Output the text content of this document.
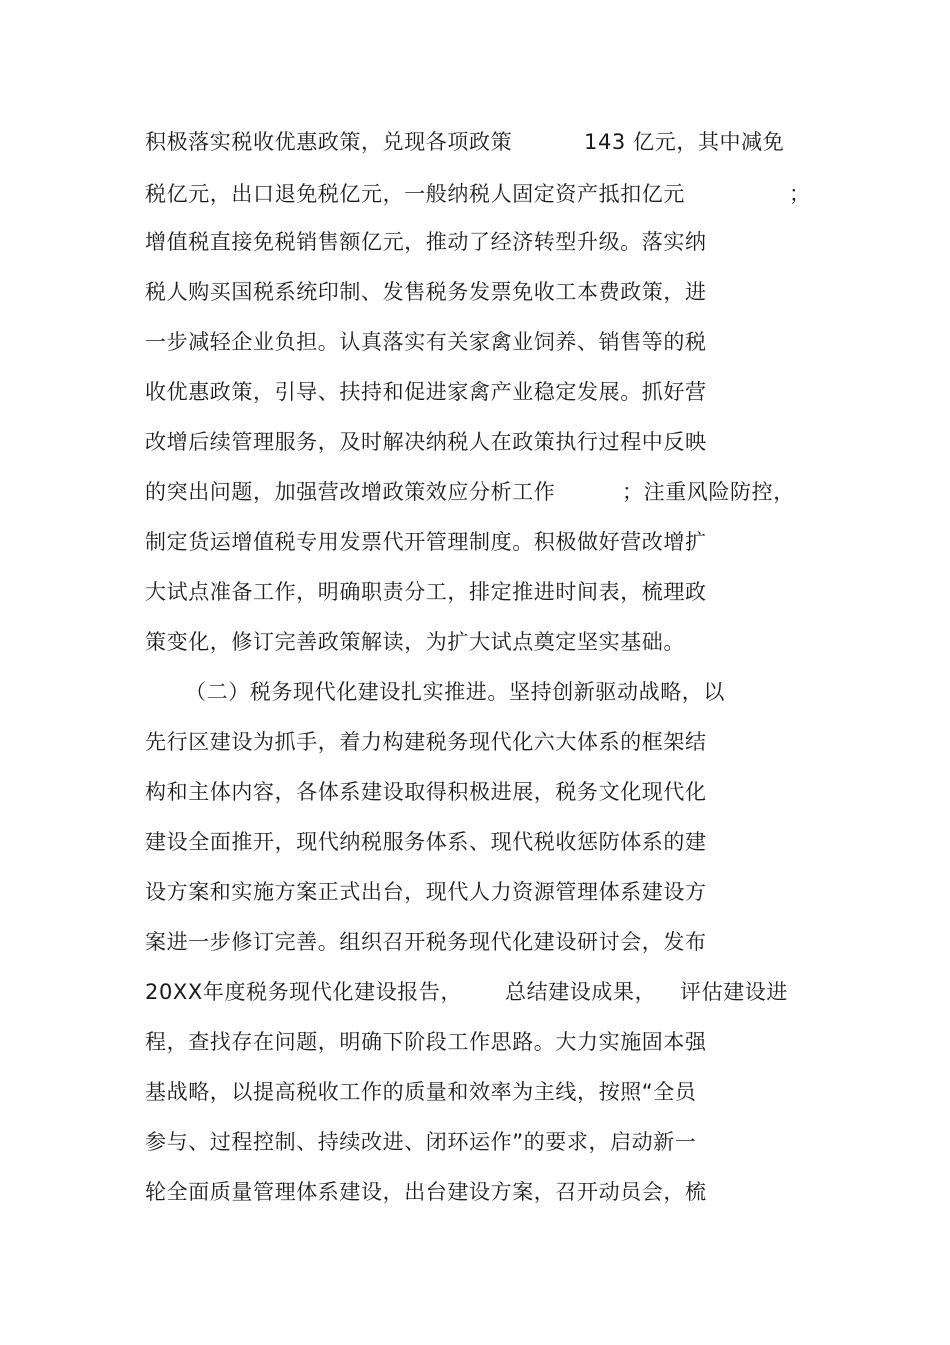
积极落实税收优惠政策，兑现各项政策

	143 亿元，其中减免

税亿元，出口退免税亿元，一般纳税人固定资产抵扣亿元

	；

增值税直接免税销售额亿元，推动了经济转型升级。落实纳

税人购买国税系统印制、发售税务发票免收工本费政策，进

一步减轻企业负担。认真落实有关家禽业饲养、销售等的税

收优惠政策，引导、扶持和促进家禽产业稳定发展。抓好营

改增后续管理服务，及时解决纳税人在政策执行过程中反映

的突出问题，加强营改增政策效应分析工作

	；注重风险防控，

制定货运增值税专用发票代开管理制度。积极做好营改增扩

大试点准备工作，明确职责分工，排定推进时间表，梳理政

策变化，修订完善政策解读，为扩大试点奠定坚实基础。

（二）税务现代化建设扎实推进。坚持创新驱动战略，以

先行区建设为抓手，着力构建税务现代化六大体系的框架结

构和主体内容，各体系建设取得积极进展，税务文化现代化

建设全面推开，现代纳税服务体系、现代税收惩防体系的建

设方案和实施方案正式出台，现代人力资源管理体系建设方

案进一步修订完善。组织召开税务现代化建设研讨会，发布

20XX年度税务现代化建设报告，

总结建设成果，

评估建设进

程，查找存在问题，明确下阶段工作思路。大力实施固本强

基战略，以提高税收工作的质量和效率为主线，按照“全员

参与、过程控制、持续改进、闭环运作”的要求，启动新一

轮全面质量管理体系建设，出台建设方案，召开动员会，梳
